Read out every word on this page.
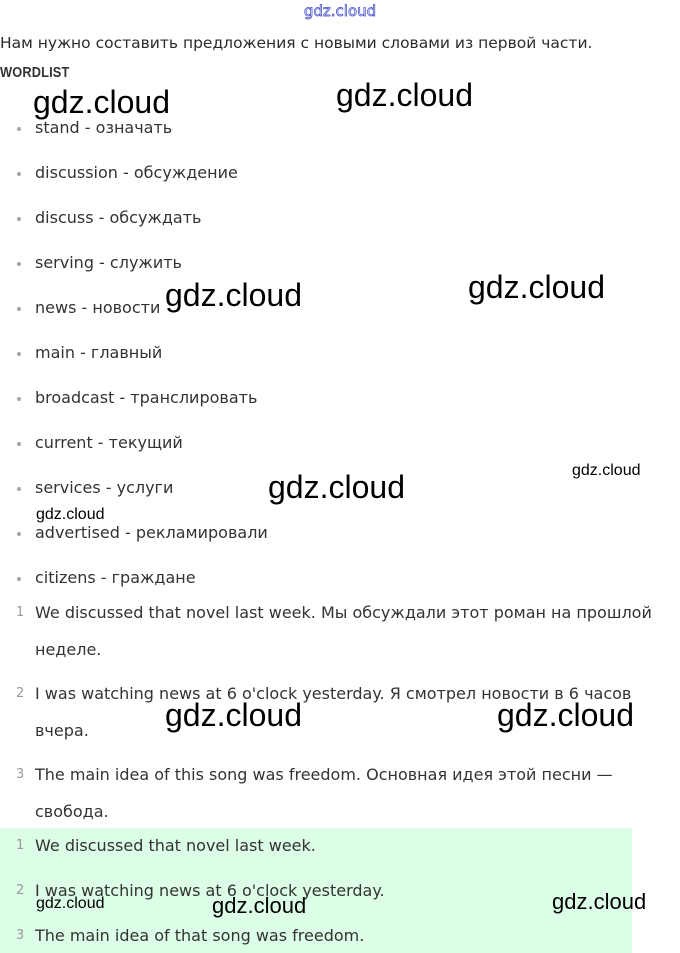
gdz.cloud
Нам нужно составить предложения с новыми словами из первой части.
WORDLIST
stand - означать
discussion - обсуждение
discuss - обсуждать
serving - служить
news - новости
main - главный
broadcast - транслировать
current - текущий
services - услуги
advertised - рекламировали
citizens - граждане
1 We discussed that novel last week. Мы обсуждали этот роман на прошлой
неделе.
2 I was watching news at 6 o'clock yesterday. Я смотрел новости в 6 часов
вчера.
3 The main idea of this song was freedom. Основная идея этой песни —
свобода.
1 We discussed that novel last week.
2 I was watching news at 6 o'clock yesterday.
3 The main idea of that song was freedom.
gdz.cloud	gdz.cloud
gdz.cloud	gdz.cloud
gdz.cloud
gdz.cloud
gdz.cloud
gdz.cloud	gdz.cloud
gdz.cloud	gdz.cloud	gdz.cloud
